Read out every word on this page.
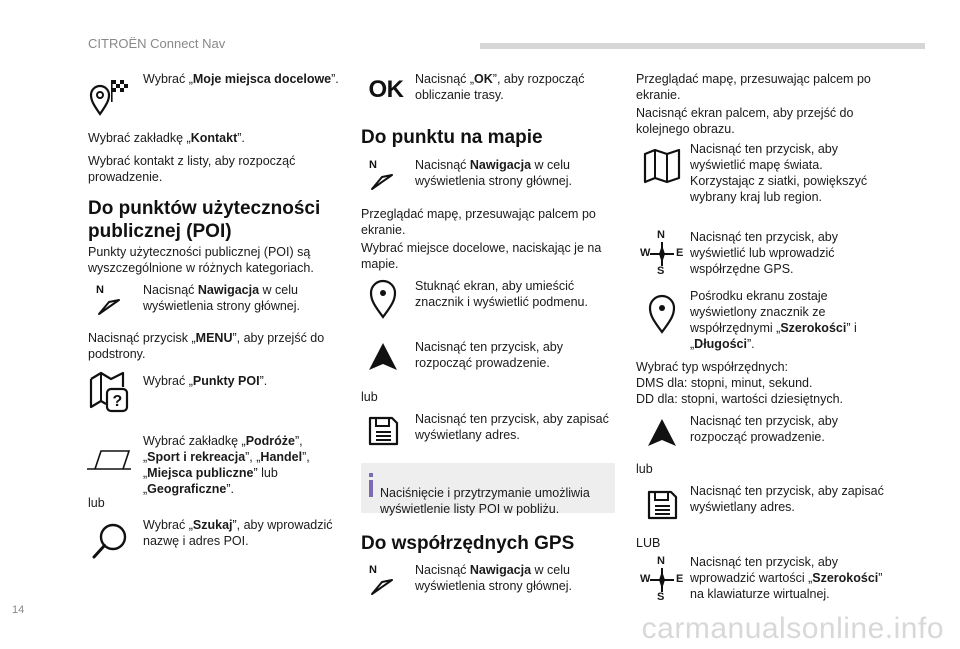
CITROËN Connect Nav

Wybrać „Moje miejsca docelowe”.

Wybrać zakładkę „Kontakt”.

Wybrać kontakt z listy, aby rozpocząć prowadzenie.

Do punktów użyteczności publicznej (POI)

Punkty użyteczności publicznej (POI) są wyszczególnione w różnych kategoriach.

N	Nacisnąć Nawigacja w celu wyświetlenia strony głównej.

Nacisnąć przycisk „MENU”, aby przejść do podstrony.

?

Wybrać „Punkty POI”.

Wybrać zakładkę „Podróże”, „Sport i rekreacja”, „Handel”, „Miejsca publiczne” lub „Geograficzne”.

lub

Wybrać „Szukaj”, aby wprowadzić nazwę i adres POI.

OK Nacisnąć „OK”, aby rozpocząć obliczanie trasy.

Do punktu na mapie
N	Nacisnąć Nawigacja w celu wyświetlenia strony głównej.

Przeglądać mapę, przesuwając palcem po ekranie.

Wybrać miejsce docelowe, naciskając je na mapie.

Stuknąć ekran, aby umieścić znacznik i wyświetlić podmenu.

Nacisnąć ten przycisk, aby rozpocząć prowadzenie.

lub

Nacisnąć ten przycisk, aby zapisać wyświetlany adres.

Naciśnięcie i przytrzymanie umożliwia wyświetlenie listy POI w pobliżu.

Do współrzędnych GPS
N	Nacisnąć Nawigacja w celu wyświetlenia strony głównej.

Przeglądać mapę, przesuwając palcem po ekranie.

Nacisnąć ekran palcem, aby przejść do kolejnego obrazu.

Nacisnąć ten przycisk, aby wyświetlić mapę świata. Korzystając z siatki, powiększyć wybrany kraj lub region.

N
S
W E

Nacisnąć ten przycisk, aby wyświetlić lub wprowadzić współrzędne GPS.

Pośrodku ekranu zostaje wyświetlony znacznik ze współrzędnymi „Szerokości” i „Długości”.

Wybrać typ współrzędnych:
DMS dla: stopni, minut, sekund.
DD dla: stopni, wartości dziesiętnych.

Nacisnąć ten przycisk, aby rozpocząć prowadzenie.

lub

Nacisnąć ten przycisk, aby zapisać wyświetlany adres.

LUB

N
S
W E

Nacisnąć ten przycisk, aby wprowadzić wartości „Szerokości” na klawiaturze wirtualnej.

14
carmanualsonline.info
